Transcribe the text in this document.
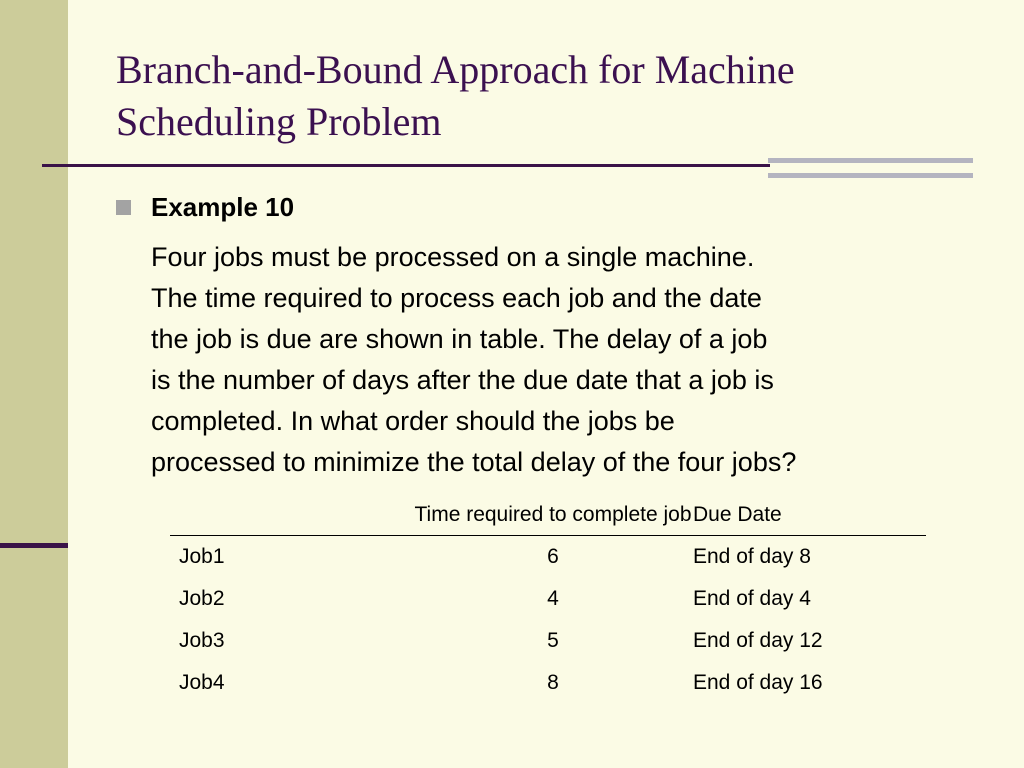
Branch-and-Bound Approach for Machine
Scheduling Problem

Example 10

Four jobs must be processed on a single machine.
The time required to process each job and the date
the job is due are shown in table. The delay of a job
is the number of days after the due date that a job is
completed. In what order should the jobs be
processed to minimize the total delay of the four jobs?

	Time required to complete job	Due Date
Job1	6	End of day 8
Job2	4	End of day 4
Job3	5	End of day 12
Job4	8	End of day 16
